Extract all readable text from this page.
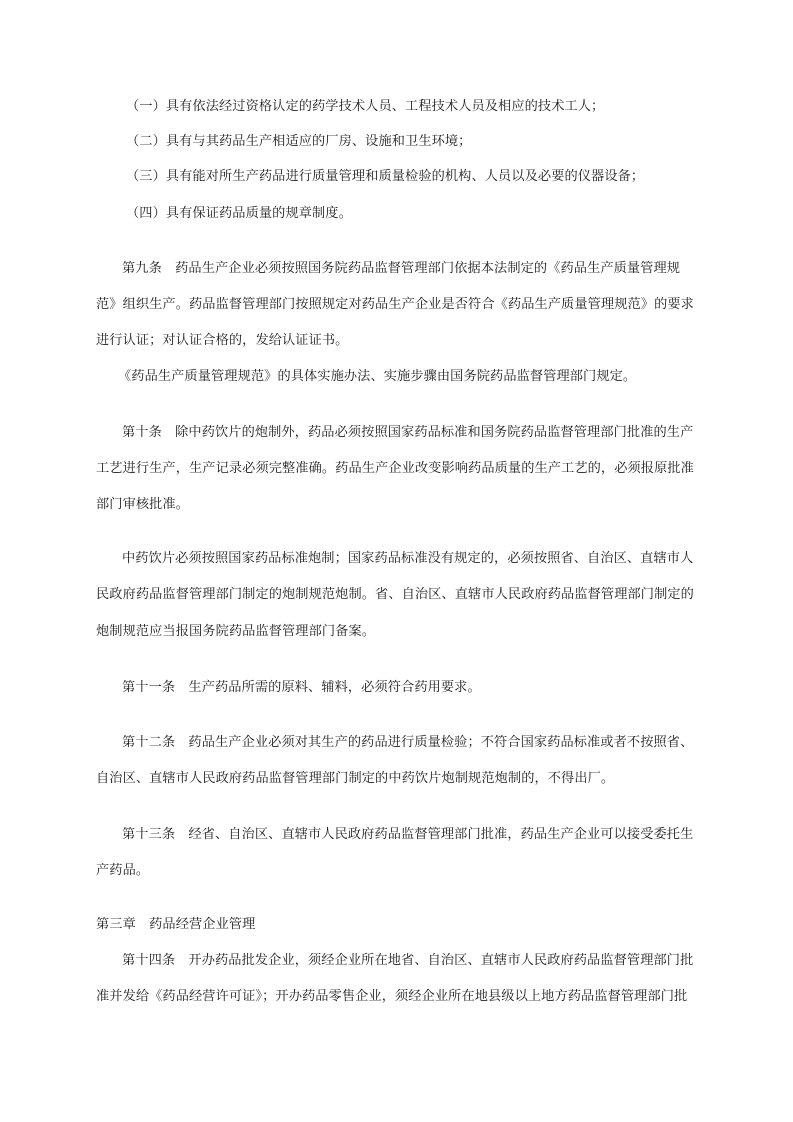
（一）具有依法经过资格认定的药学技术人员、工程技术人员及相应的技术工人；
（二）具有与其药品生产相适应的厂房、设施和卫生环境；
（三）具有能对所生产药品进行质量管理和质量检验的机构、人员以及必要的仪器设备；
（四）具有保证药品质量的规章制度。
第九条　药品生产企业必须按照国务院药品监督管理部门依据本法制定的《药品生产质量管理规
范》组织生产。药品监督管理部门按照规定对药品生产企业是否符合《药品生产质量管理规范》的要求
进行认证；对认证合格的，发给认证证书。
《药品生产质量管理规范》的具体实施办法、实施步骤由国务院药品监督管理部门规定。
第十条　除中药饮片的炮制外，药品必须按照国家药品标准和国务院药品监督管理部门批准的生产
工艺进行生产，生产记录必须完整准确。药品生产企业改变影响药品质量的生产工艺的，必须报原批准
部门审核批准。
中药饮片必须按照国家药品标准炮制；国家药品标准没有规定的，必须按照省、自治区、直辖市人
民政府药品监督管理部门制定的炮制规范炮制。省、自治区、直辖市人民政府药品监督管理部门制定的
炮制规范应当报国务院药品监督管理部门备案。
第十一条　生产药品所需的原料、辅料，必须符合药用要求。
第十二条　药品生产企业必须对其生产的药品进行质量检验；不符合国家药品标准或者不按照省、
自治区、直辖市人民政府药品监督管理部门制定的中药饮片炮制规范炮制的，不得出厂。
第十三条　经省、自治区、直辖市人民政府药品监督管理部门批准，药品生产企业可以接受委托生
产药品。
第三章　药品经营企业管理
第十四条　开办药品批发企业，须经企业所在地省、自治区、直辖市人民政府药品监督管理部门批
准并发给《药品经营许可证》；开办药品零售企业，须经企业所在地县级以上地方药品监督管理部门批
